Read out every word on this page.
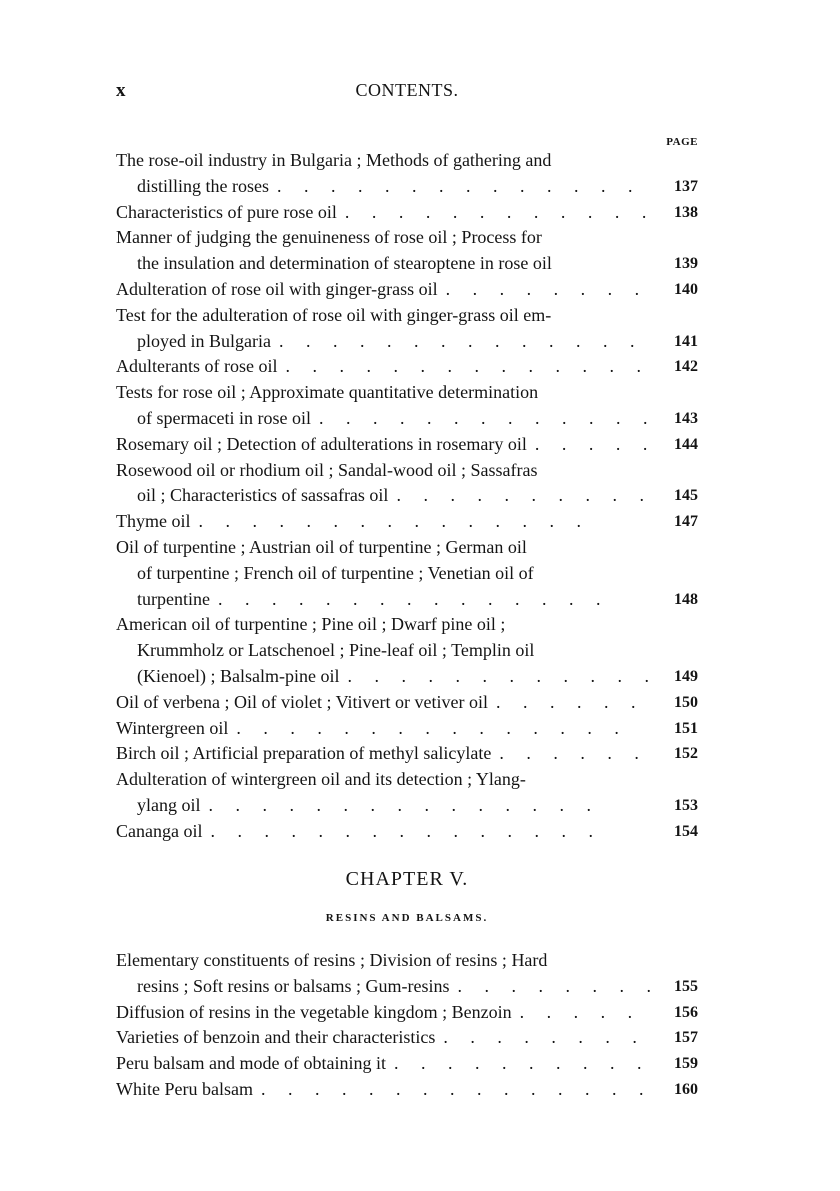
x	CONTENTS.
PAGE
The rose-oil industry in Bulgaria ; Methods of gathering and
distilling the roses .	137
Characteristics of pure rose oil .	138
Manner of judging the genuineness of rose oil ; Process for
the insulation and determination of stearoptene in rose oil	139
Adulteration of rose oil with ginger-grass oil .	140
Test for the adulteration of rose oil with ginger-grass oil em-
ployed in Bulgaria .	141
Adulterants of rose oil .	142
Tests for rose oil ; Approximate quantitative determination
of spermaceti in rose oil .	143
Rosemary oil ; Detection of adulterations in rosemary oil .	144
Rosewood oil or rhodium oil ; Sandal-wood oil ; Sassafras
oil ; Characteristics of sassafras oil .	145
Thyme oil .	147
Oil of turpentine ; Austrian oil of turpentine ; German oil
of turpentine ; French oil of turpentine ; Venetian oil of
turpentine .	148
American oil of turpentine ; Pine oil ; Dwarf pine oil ;
Krummholz or Latschenoel ; Pine-leaf oil ; Templin oil
(Kienoel) ; Balsalm-pine oil .	149
Oil of verbena ; Oil of violet ; Vitivert or vetiver oil .	150
Wintergreen oil .	151
Birch oil ; Artificial preparation of methyl salicylate .	152
Adulteration of wintergreen oil and its detection ; Ylang-
ylang oil .	153
Cananga oil .	154
CHAPTER V.
RESINS AND BALSAMS.
Elementary constituents of resins ; Division of resins ; Hard
resins ; Soft resins or balsams ; Gum-resins .	155
Diffusion of resins in the vegetable kingdom ; Benzoin .	156
Varieties of benzoin and their characteristics .	157
Peru balsam and mode of obtaining it .	159
White Peru balsam .	160
